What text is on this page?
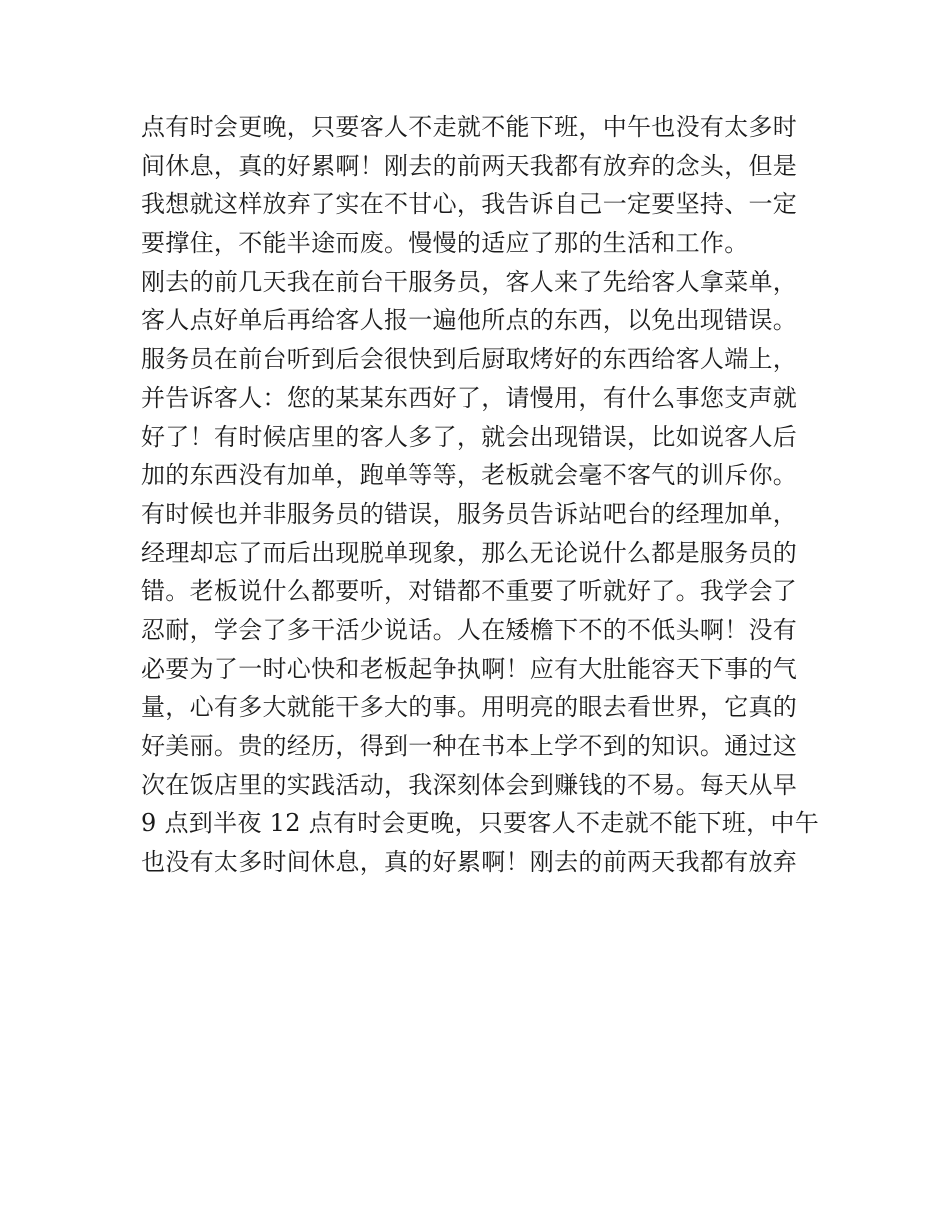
点有时会更晚，只要客人不走就不能下班，中午也没有太多时
间休息，真的好累啊！刚去的前两天我都有放弃的念头，但是
我想就这样放弃了实在不甘心，我告诉自己一定要坚持、一定
要撑住，不能半途而废。慢慢的适应了那的生活和工作。
刚去的前几天我在前台干服务员，客人来了先给客人拿菜单，
客人点好单后再给客人报一遍他所点的东西，以免出现错误。
服务员在前台听到后会很快到后厨取烤好的东西给客人端上，
并告诉客人：您的某某东西好了，请慢用，有什么事您支声就
好了！有时候店里的客人多了，就会出现错误，比如说客人后
加的东西没有加单，跑单等等，老板就会毫不客气的训斥你。
有时候也并非服务员的错误，服务员告诉站吧台的经理加单，
经理却忘了而后出现脱单现象，那么无论说什么都是服务员的
错。老板说什么都要听，对错都不重要了听就好了。我学会了
忍耐，学会了多干活少说话。人在矮檐下不的不低头啊！没有
必要为了一时心快和老板起争执啊！应有大肚能容天下事的气
量，心有多大就能干多大的事。用明亮的眼去看世界，它真的
好美丽。贵的经历，得到一种在书本上学不到的知识。通过这
次在饭店里的实践活动，我深刻体会到赚钱的不易。每天从早
9 点到半夜 12 点有时会更晚，只要客人不走就不能下班，中午
也没有太多时间休息，真的好累啊！刚去的前两天我都有放弃
